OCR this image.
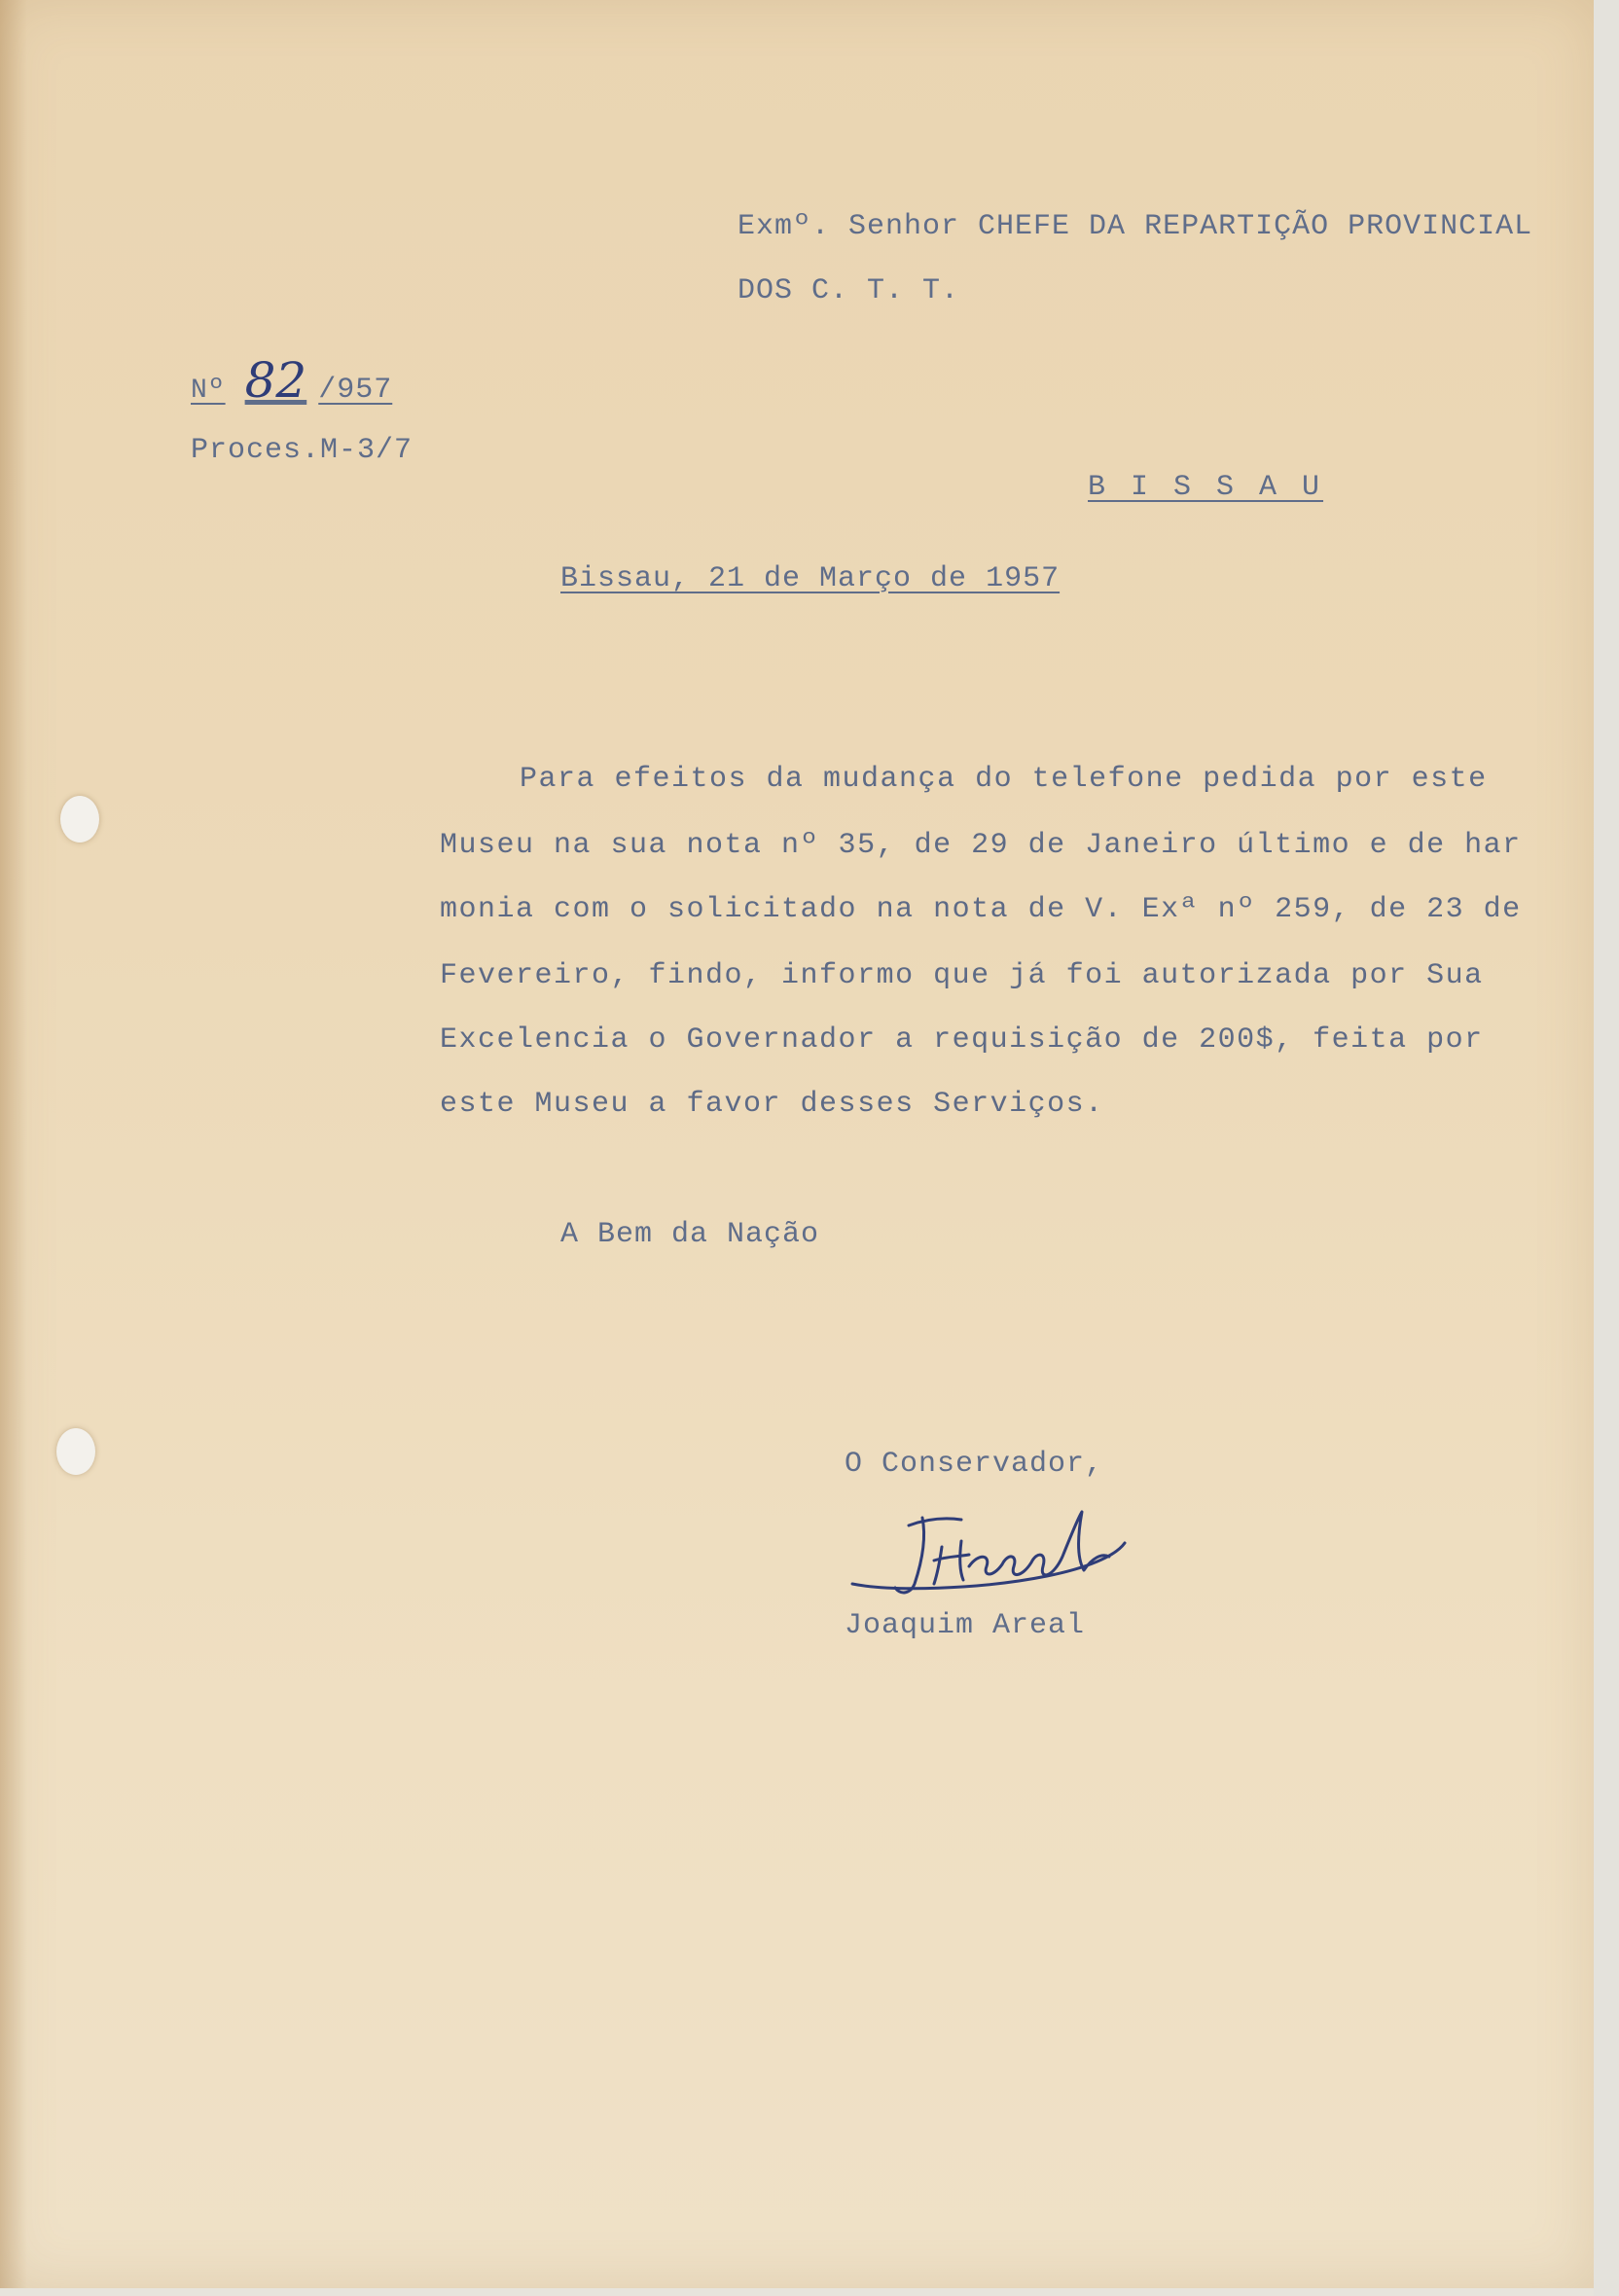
Exmº. Senhor CHEFE DA REPARTIÇÃO PROVINCIAL
DOS C. T. T.
Nº 82 /957
Proces.M-3/7
B I S S A U
Bissau, 21 de Março de 1957
Para efeitos da mudança do telefone pedida por este
Museu na sua nota nº 35, de 29 de Janeiro último e de har
monia com o solicitado na nota de V. Exª nº 259, de 23 de
Fevereiro, findo, informo que já foi autorizada por Sua
Excelencia o Governador a requisição de 200$, feita por
este Museu a favor desses Serviços.
A Bem da Nação
O Conservador,
Joaquim Areal
